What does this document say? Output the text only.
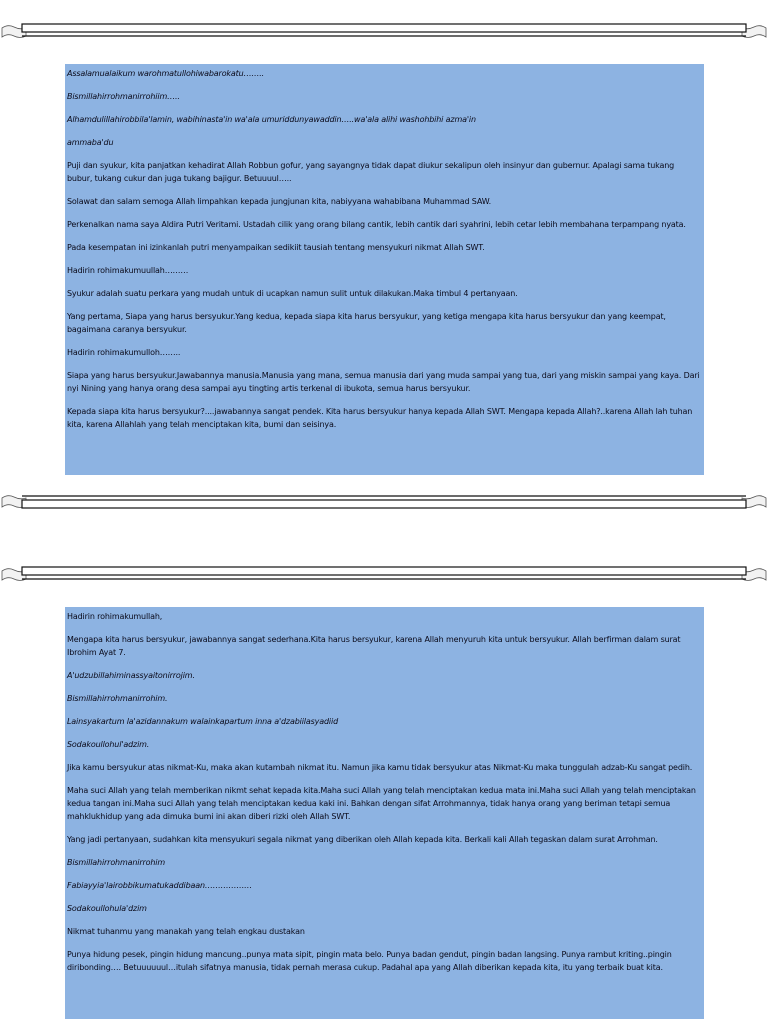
Assalamualaikum warohmatullohiwabarokatu……..

Bismillahirrohmanirrohiim…..

Alhamdulillahirobbila'lamin, wabihinasta'in wa'ala umuriddunyawaddin…..wa'ala alihi washohbihi azma'in

ammaba'du

Puji dan syukur, kita panjatkan kehadirat Allah Robbun gofur, yang sayangnya tidak dapat diukur sekalipun oleh insinyur dan gubernur. Apalagi sama tukang bubur, tukang cukur dan juga tukang bajigur. Betuuuul…..

Solawat dan salam semoga Allah limpahkan kepada jungjunan kita, nabiyyana wahabibana Muhammad SAW.

Perkenalkan nama saya Aldira Putri Veritami. Ustadah cilik yang orang bilang cantik, lebih cantik dari syahrini, lebih cetar lebih membahana terpampang nyata.

Pada kesempatan ini izinkanlah putri menyampaikan sedikiit tausiah tentang mensyukuri nikmat Allah SWT.

Hadirin rohimakumuullah………

Syukur adalah suatu perkara yang mudah untuk di ucapkan namun sulit untuk dilakukan.Maka timbul 4 pertanyaan.

Yang pertama, Siapa yang harus bersyukur.Yang kedua, kepada siapa kita harus bersyukur, yang ketiga mengapa kita harus bersyukur dan yang keempat, bagaimana caranya bersyukur.

Hadirin rohimakumulloh……..

Siapa yang harus bersyukur.Jawabannya manusia.Manusia yang mana, semua manusia dari yang muda sampai yang tua, dari yang miskin sampai yang kaya. Dari nyi Nining yang hanya orang desa sampai ayu tingting artis terkenal di ibukota, semua harus bersyukur.

Kepada siapa kita harus bersyukur?....jawabannya sangat pendek. Kita harus bersyukur hanya kepada Allah SWT. Mengapa kepada Allah?..karena Allah lah tuhan kita, karena Allahlah yang telah menciptakan kita, bumi dan seisinya.

Hadirin rohimakumullah,

Mengapa kita harus bersyukur, jawabannya sangat sederhana.Kita harus bersyukur, karena Allah menyuruh kita untuk bersyukur. Allah berfirman dalam surat Ibrohim Ayat 7.

A'udzubillahiminassyaitonirrojim.

Bismillahirrohmanirrohim.

Lainsyakartum la'azidannakum walainkapartum inna a'dzabiilasyadiid

Sodakoullohul'adzim.

Jika kamu bersyukur atas nikmat-Ku, maka akan kutambah nikmat itu. Namun jika kamu tidak bersyukur atas Nikmat-Ku maka tunggulah adzab-Ku sangat pedih.

Maha suci Allah yang telah memberikan nikmt sehat kepada kita.Maha suci Allah yang telah menciptakan kedua mata ini.Maha suci Allah yang telah menciptakan kedua tangan ini.Maha suci Allah yang telah menciptakan kedua kaki ini. Bahkan dengan sifat Arrohmannya, tidak hanya orang yang beriman tetapi semua mahklukhidup yang ada dimuka bumi ini akan diberi rizki oleh Allah SWT.

Yang jadi pertanyaan, sudahkan kita mensyukuri segala nikmat yang diberikan oleh Allah kepada kita. Berkali kali Allah tegaskan dalam surat Arrohman.

Bismillahirrohmanirrohim

Fabiayyia'lairobbikumatukaddibaan………………

Sodakoullohula'dzim

Nikmat tuhanmu yang manakah yang telah engkau dustakan

Punya hidung pesek, pingin hidung mancung..punya mata sipit, pingin mata belo. Punya badan gendut, pingin badan langsing. Punya rambut kriting..pingin diribonding…. Betuuuuuul…itulah sifatnya manusia, tidak pernah merasa cukup. Padahal apa yang Allah diberikan kepada kita, itu yang terbaik buat kita.
